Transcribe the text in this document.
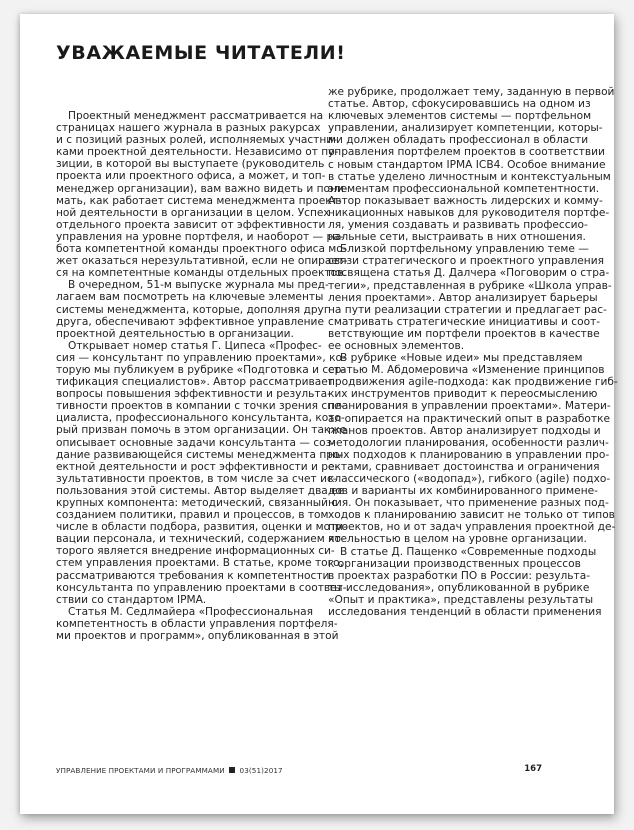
УВАЖАЕМЫЕ ЧИТАТЕЛИ!
Проектный менеджмент рассматривается на
страницах нашего журнала в разных ракурсах
и с позиций разных ролей, исполняемых участни-
ками проектной деятельности. Независимо от по-
зиции, в которой вы выступаете (руководитель
проекта или проектного офиса, а может, и топ-
менеджер организации), вам важно видеть и пони-
мать, как работает система менеджмента проект-
ной деятельности в организации в целом. Успех
отдельного проекта зависит от эффективности
управления на уровне портфеля, и наоборот — ра-
бота компетентной команды проектного офиса мо-
жет оказаться нерезультативной, если не опирает-
ся на компетентные команды отдельных проектов.
В очередном, 51-м выпуске журнала мы пред-
лагаем вам посмотреть на ключевые элементы
системы менеджмента, которые, дополняя друг
друга, обеспечивают эффективное управление
проектной деятельностью в организации.
Открывает номер статья Г. Ципеса «Профес-
сия — консультант по управлению проектами», ко-
торую мы публикуем в рубрике «Подготовка и сер-
тификация специалистов». Автор рассматривает
вопросы повышения эффективности и результа-
тивности проектов в компании с точки зрения спе-
циалиста, профессионального консультанта, кото-
рый призван помочь в этом организации. Он также
описывает основные задачи консультанта — соз-
дание развивающейся системы менеджмента про-
ектной деятельности и рост эффективности и ре-
зультативности проектов, в том числе за счет ис-
пользования этой системы. Автор выделяет два ее
крупных компонента: методический, связанный с
созданием политики, правил и процессов, в том
числе в области подбора, развития, оценки и моти-
вации персонала, и технический, содержанием ко-
торого является внедрение информационных си-
стем управления проектами. В статье, кроме того,
рассматриваются требования к компетентности
консультанта по управлению проектами в соответ-
ствии со стандартом IPMA.
Статья М. Седлмайера «Профессиональная
компетентность в области управления портфеля-
ми проектов и программ», опубликованная в этой
же рубрике, продолжает тему, заданную в первой
статье. Автор, сфокусировавшись на одном из
ключевых элементов системы — портфельном
управлении, анализирует компетенции, которы-
ми должен обладать профессионал в области
управления портфелем проектов в соответствии
с новым стандартом IPMA ICB4. Особое внимание
в статье уделено личностным и контекстуальным
элементам профессиональной компетентности.
Автор показывает важность лидерских и комму-
никационных навыков для руководителя портфе-
ля, умения создавать и развивать профессио-
нальные сети, выстраивать в них отношения.
Близкой портфельному управлению теме —
связи стратегического и проектного управления
посвящена статья Д. Далчера «Поговорим о стра-
тегии», представленная в рубрике «Школа управ-
ления проектами». Автор анализирует барьеры
на пути реализации стратегии и предлагает рас-
сматривать стратегические инициативы и соот-
ветствующие им портфели проектов в качестве
ее основных элементов.
В рубрике «Новые идеи» мы представляем
статью М. Абдомеровича «Изменение принципов
продвижения agile-подхода: как продвижение гиб-
ких инструментов приводит к переосмыслению
планирования в управлении проектами». Матери-
ал опирается на практический опыт в разработке
планов проектов. Автор анализирует подходы и
методологии планирования, особенности различ-
ных подходов к планированию в управлении про-
ектами, сравнивает достоинства и ограничения
классического («водопад»), гибкого (agile) подхо-
дов и варианты их комбинированного примене-
ния. Он показывает, что применение разных под-
ходов к планированию зависит не только от типов
проектов, но и от задач управления проектной де-
ятельностью в целом на уровне организации.
В статье Д. Пащенко «Современные подходы
к организации производственных процессов
в проектах разработки ПО в России: результа-
ты исследования», опубликованной в рубрике
«Опыт и практика», представлены результаты
исследования тенденций в области применения
УПРАВЛЕНИЕ ПРОЕКТАМИ И ПРОГРАММАМИ 03(51)2017	167
